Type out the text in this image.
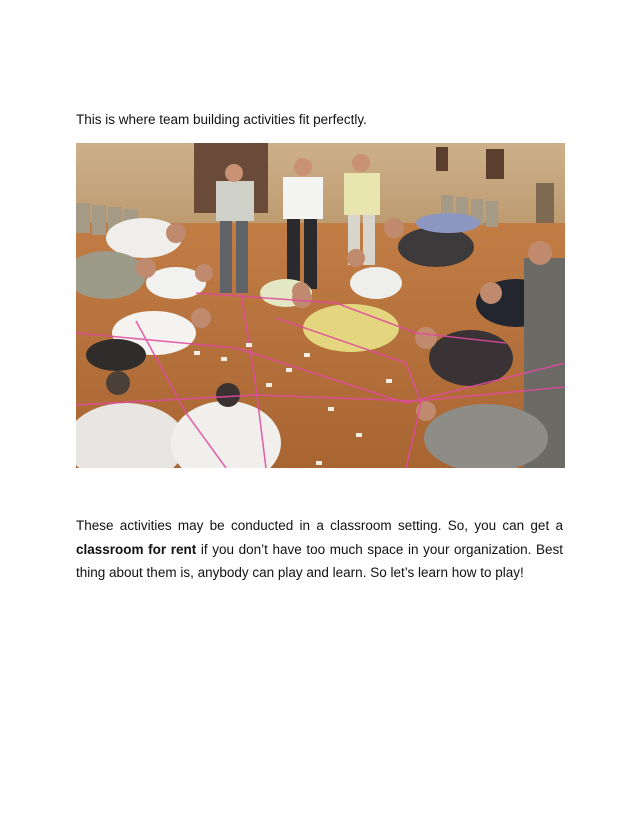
This is where team building activities fit perfectly.

These activities may be conducted in a classroom setting. So, you can get a classroom for rent if you don’t have too much space in your organization. Best thing about them is, anybody can play and learn. So let’s learn how to play!
